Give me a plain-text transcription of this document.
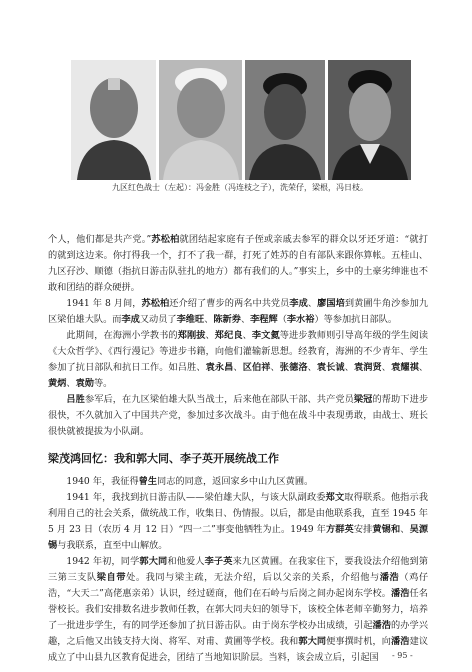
九区红色战士（左起）：冯金胜（冯连枝之子），洗荣仔，梁根，冯日枝。

个人，他们都是共产党。”苏松柏就团结起家庭有子侄或亲戚去参军的群众以牙还牙道：“就打的就到这边来。你打得我一个，打不了我一群，打死了姓苏的自有部队来跟你算帐。五桂山、九区孖沙、顺德（指抗日游击队驻扎的地方）都有我们的人。”事实上，乡中的土豪劣绅谁也不敢和团结的群众硬拼。

1941 年 8 月间，苏松柏还介绍了曹步的两名中共党员李成、廖国培到黄圃牛角沙参加九区梁伯雄大队。而李成又动员了李维旺、陈新券、李程辉（李水裕）等参加抗日部队。

此期间，在海洲小学教书的郑刚拔、郑纪良、李文氦等进步教师则引导高年级的学生阅读《大众哲学》、《西行漫记》等进步书籍，向他们灌输新思想。经教育，海洲的不少青年、学生参加了抗日部队和抗日工作。如吕胜、袁永昌、区伯祥、张德洛、袁长诚、袁润贤、袁耀祺、黄炳、袁勋等。

吕胜参军后，在九区梁伯雄大队当战士，后来他在部队干部、共产党员梁冠的帮助下进步很快，不久就加入了中国共产党，参加过多次战斗。由于他在战斗中表现勇敢，由战士、班长很快就被提拔为小队副。

梁茂鸿回忆：我和郭大同、李子英开展统战工作

1940 年，我征得曾生同志的同意，返回家乡中山九区黄圃。

1941 年，我找到抗日游击队——梁伯雄大队，与该大队副政委郑文取得联系。他指示我利用自己的社会关系，做统战工作，收集日、伪情报。以后，都是由他联系我，直至 1945 年 5 月 23 日（农历 4 月 12 日）“四一二”事变他牺牲为止。1949 年方群英安排黄锡和、吴源锡与我联系，直至中山解放。

1942 年初，同学郭大同和他爱人李子英来九区黄圃。在我家住下，要我设法介绍他到第三第三支队梁自带处。我同与梁主疏，无法介绍，后以父亲的关系，介绍他与潘浩（鸡仔浩，“大天二”高佬惠亲弟）认识，经过磋商，他们在石岭与后岗之间办起岗东学校。潘浩任名誉校长。我们安排数名进步教师任教，在郭大同夫妇的领导下，该校全体老师辛勤努力，培养了一批进步学生，有的同学还参加了抗日游击队。由于岗东学校办出成绩，引起潘浩的办学兴趣，之后他又出钱支持大岗、将军、对甫、黄圃等学校。我和郭大同便事撰时机，向潘浩建议成立了中山县九区教育促进会，团结了当地知识阶层。当料，该会成立后，引起国	- 95 -
